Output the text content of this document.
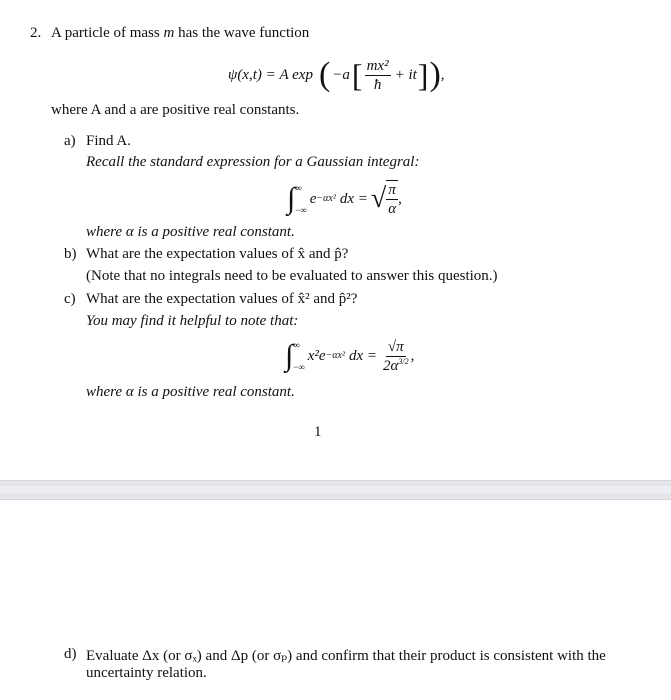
2. A particle of mass m has the wave function
ψ(x,t) = A exp ( −a [ $\frac{\text{mx²}}{ħ}$ + it ] ) ,
where A and a are positive real constants.
a) Find A.
Recall the standard expression for a Gaussian integral:
∫ ∞
−∞
e −αx² dx = √ $\frac{\pi}{\alpha}$ ,
where α is a positive real constant.
b) What are the expectation values of x̂ and p̂?
(Note that no integrals need to be evaluated to answer this question.)
c) What are the expectation values of x̂² and p̂²?
You may find it helpful to note that:
∫ ∞
−∞
x²e −αx² dx = $\frac{√\pi}{2\alpha^{3/2}}$ ,
where α is a positive real constant.
1
d) Evaluate Δx (or σₓ) and Δp (or σₚ) and confirm that their product is consistent with the
uncertainty relation.
